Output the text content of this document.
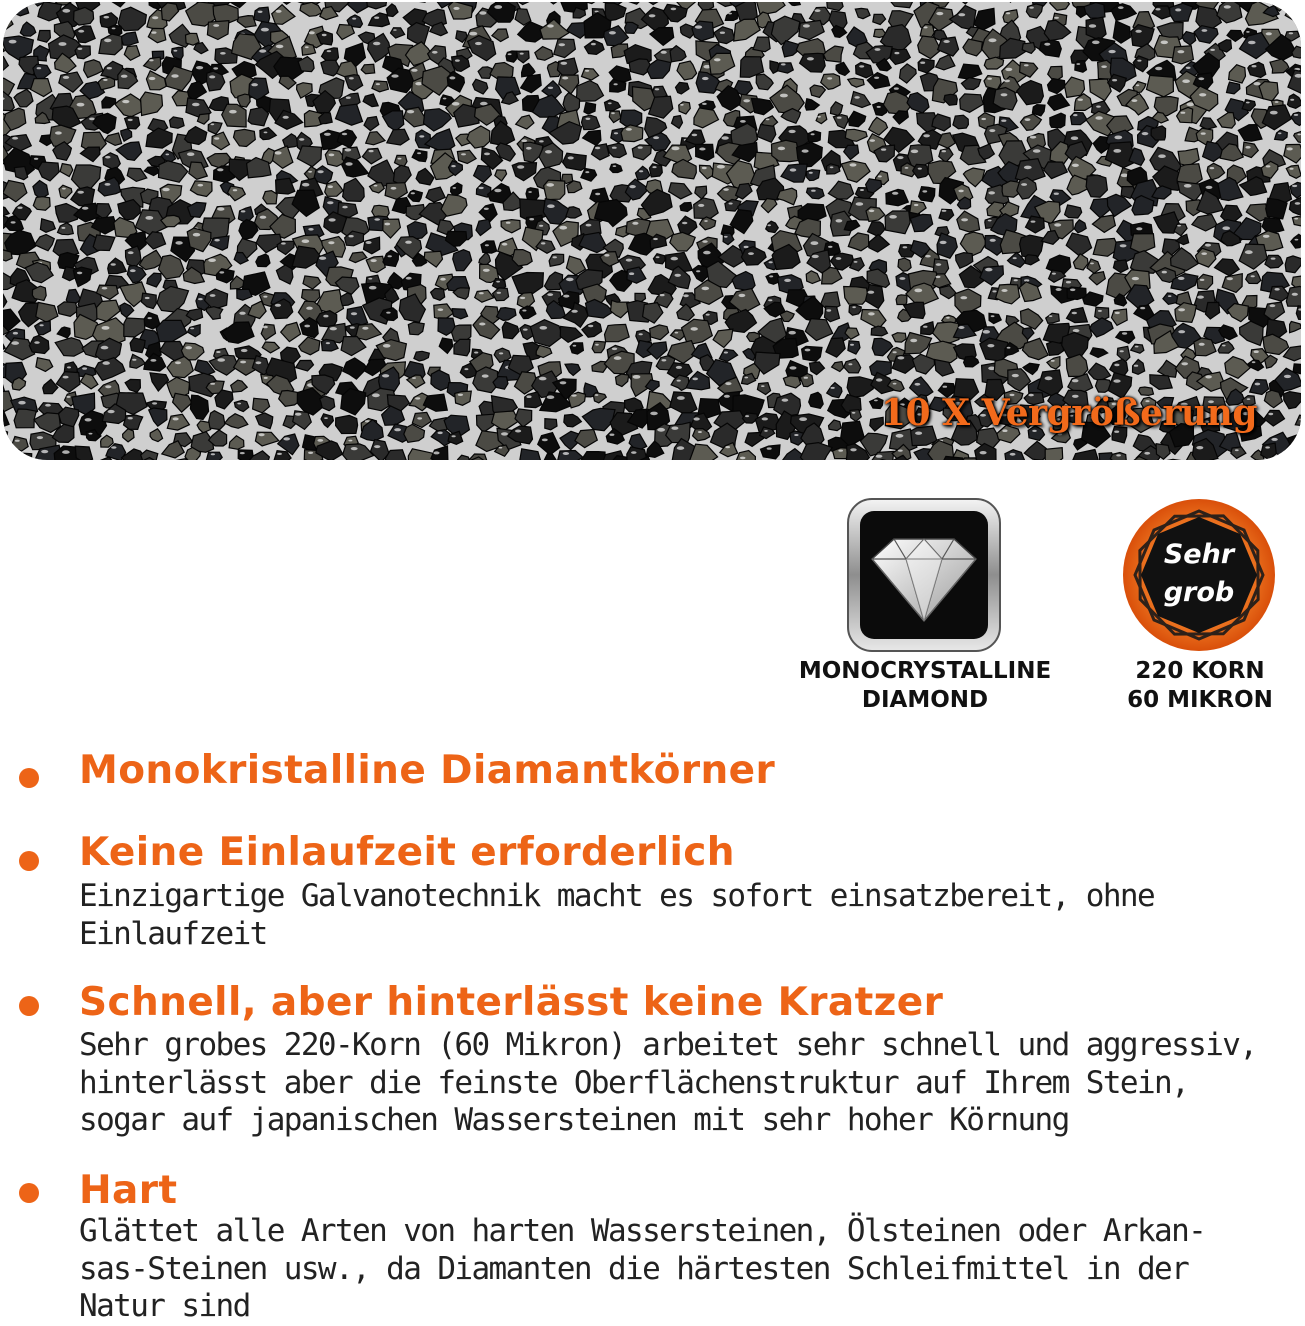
10 X Vergrößerung
MONOCRYSTALLINE
DIAMOND
Sehr
grob
220 KORN
60 MIKRON
Monokristalline Diamantkörner
Keine Einlaufzeit erforderlich
Einzigartige Galvanotechnik macht es sofort einsatzbereit, ohne Einlaufzeit
Schnell, aber hinterlässt keine Kratzer
Sehr grobes 220-Korn (60 Mikron) arbeitet sehr schnell und aggressiv, hinterlässt aber die feinste Oberflächenstruktur auf Ihrem Stein, sogar auf japanischen Wassersteinen mit sehr hoher Körnung
Hart
Glättet alle Arten von harten Wassersteinen, Ölsteinen oder Arkan-sas-Steinen usw., da Diamanten die härtesten Schleifmittel in der Natur sind
